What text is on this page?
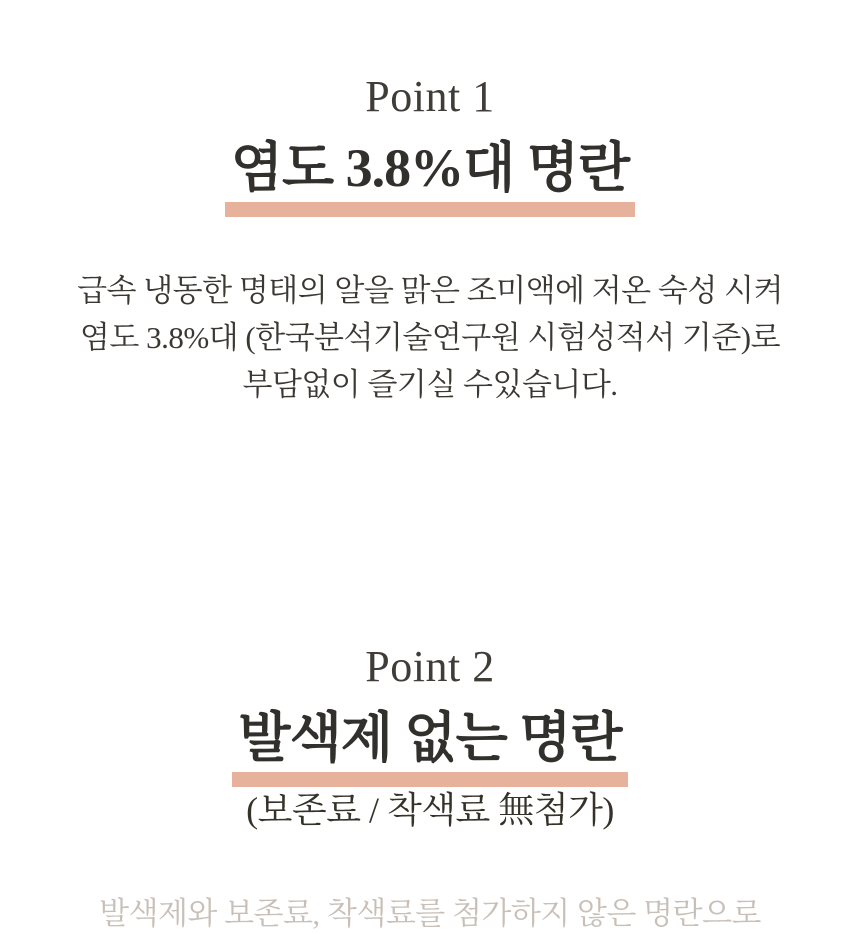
Point 1

염도 3.8%대 명란

급속 냉동한 명태의 알을 맑은 조미액에 저온 숙성 시켜
염도 3.8%대 (한국분석기술연구원 시험성적서 기준)로
부담없이 즐기실 수있습니다.

Point 2

발색제 없는 명란

(보존료 / 착색료 無첨가)

발색제와 보존료, 착색료를 첨가하지 않은 명란으로
